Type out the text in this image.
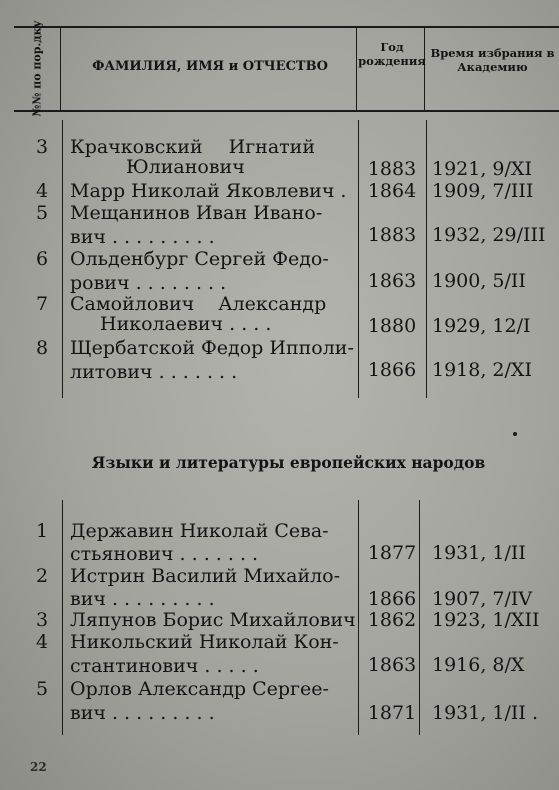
№№ по пор.дку	ФАМИЛИЯ, ИМЯ и ОТЧЕСТВО
Год рождения
Время избрания в Академию
3	Крачковский Игнатий
Юлианович	1883 1921, 9/XI
4	Марр Николай Яковлевич .	1864 1909, 7/III
5	Мещанинов Иван Ивано-
вич . . . . . . . . .	1883 1932, 29/III
6	Ольденбург Сергей Федо-
рович . . . . . . . .	1863 1900, 5/II
7	Самойлович Александр
Николаевич . . . .	1880 1929, 12/I
8	Щербатской Федор Ипполи-
литович . . . . . . .	1866 1918, 2/XI
Языки и литературы европейских народов
1	Державин Николай Сева-
стьянович . . . . . . .	1877 1931, 1/II
2	Истрин Василий Михайло-
вич . . . . . . . . .	1866 1907, 7/IV
3	Ляпунов Борис Михайлович 1862 1923, 1/XII
4	Никольский Николай Кон-
стантинович . . . . .	1863 1916, 8/X
5	Орлов Александр Сергее-
вич . . . . . . . . .	1871 1931, 1/II .
22
